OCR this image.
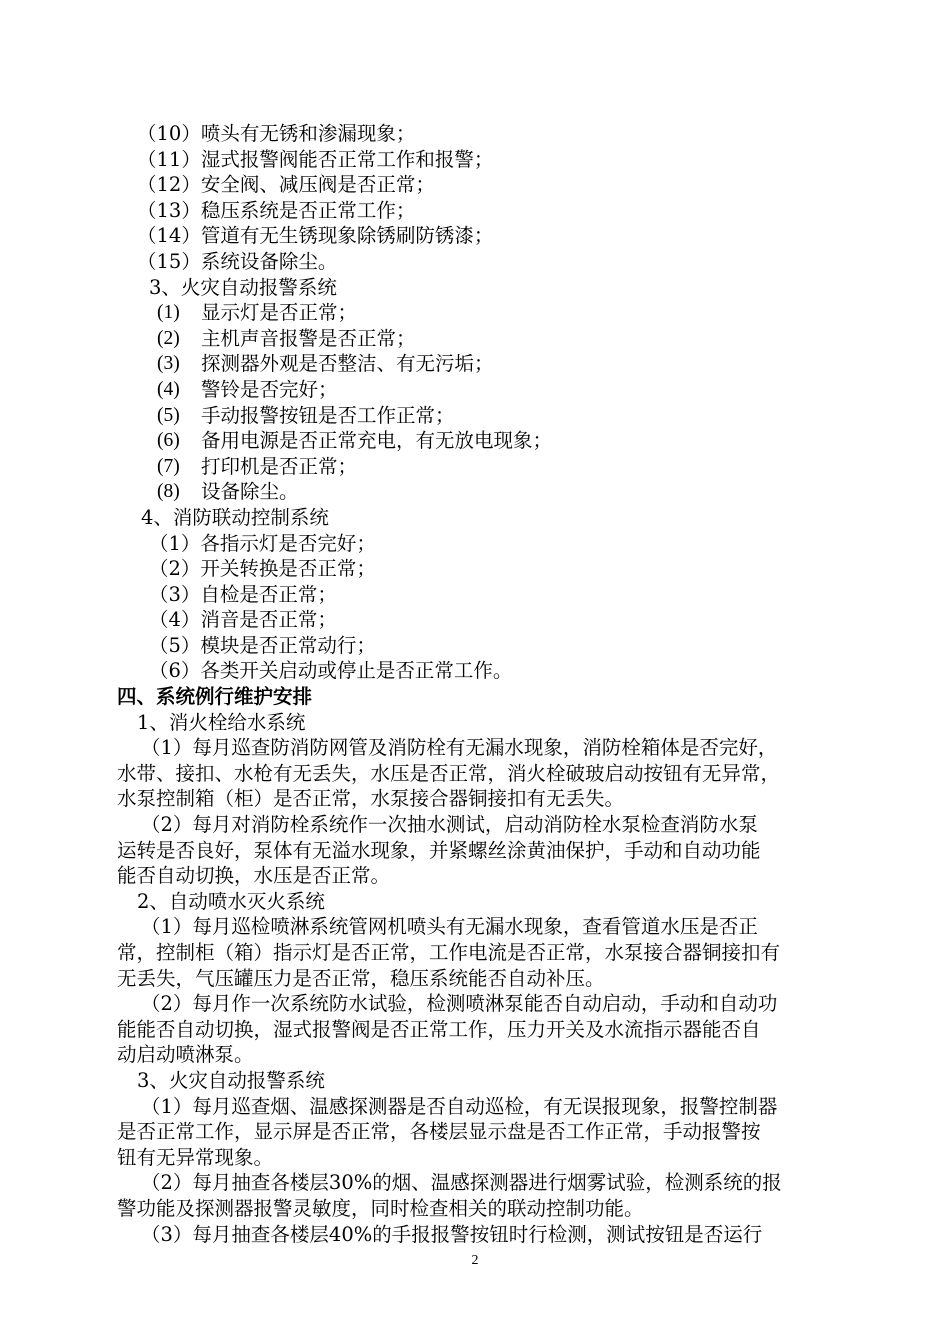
（10）喷头有无锈和渗漏现象；
（11）湿式报警阀能否正常工作和报警；
（12）安全阀、减压阀是否正常；
（13）稳压系统是否正常工作；
（14）管道有无生锈现象除锈刷防锈漆；
（15）系统设备除尘。
3、火灾自动报警系统
(1)	显示灯是否正常；
(2)	主机声音报警是否正常；
(3)	探测器外观是否整洁、有无污垢；
(4)	警铃是否完好；
(5)	手动报警按钮是否工作正常；
(6)	备用电源是否正常充电，有无放电现象；
(7)	打印机是否正常；
(8)	设备除尘。
4、消防联动控制系统
（1）各指示灯是否完好；
（2）开关转换是否正常；
（3）自检是否正常；
（4）消音是否正常；
（5）模块是否正常动行；
（6）各类开关启动或停止是否正常工作。
四、系统例行维护安排
1、消火栓给水系统
（1）每月巡查防消防网管及消防栓有无漏水现象，消防栓箱体是否完好，
水带、接扣、水枪有无丢失，水压是否正常，消火栓破玻启动按钮有无异常，
水泵控制箱（柜）是否正常，水泵接合器铜接扣有无丢失。
（2）每月对消防栓系统作一次抽水测试，启动消防栓水泵检查消防水泵
运转是否良好，泵体有无溢水现象，并紧螺丝涂黄油保护，手动和自动功能
能否自动切换，水压是否正常。
2、自动喷水灭火系统
（1）每月巡检喷淋系统管网机喷头有无漏水现象，查看管道水压是否正
常，控制柜（箱）指示灯是否正常，工作电流是否正常，水泵接合器铜接扣有
无丢失，气压罐压力是否正常，稳压系统能否自动补压。
（2）每月作一次系统防水试验，检测喷淋泵能否自动启动，手动和自动功
能能否自动切换，湿式报警阀是否正常工作，压力开关及水流指示器能否自
动启动喷淋泵。
3、火灾自动报警系统
（1）每月巡查烟、温感探测器是否自动巡检，有无误报现象，报警控制器
是否正常工作，显示屏是否正常，各楼层显示盘是否工作正常，手动报警按
钮有无异常现象。
（2）每月抽查各楼层30%的烟、温感探测器进行烟雾试验，检测系统的报
警功能及探测器报警灵敏度，同时检查相关的联动控制功能。
（3）每月抽查各楼层40%的手报报警按钮时行检测，测试按钮是否运行
2
